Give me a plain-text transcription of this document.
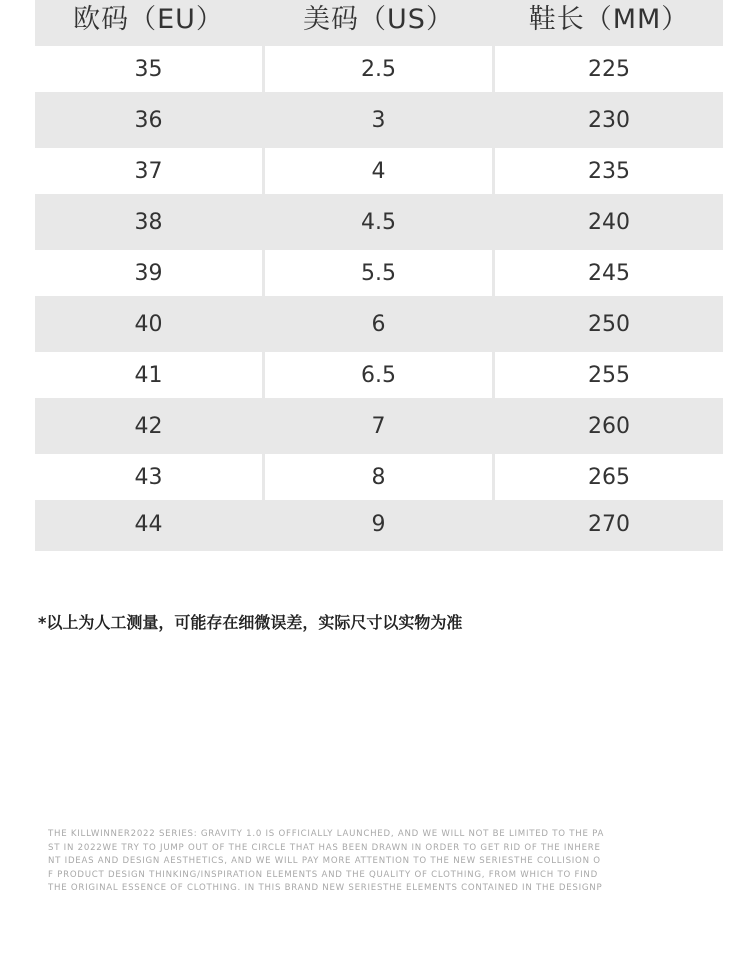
欧码（EU）	美码（US）	鞋长（MM）
35	2.5	225
36	3	230
37	4	235
38	4.5	240
39	5.5	245
40	6	250
41	6.5	255
42	7	260
43	8	265
44	9	270
*以上为人工测量，可能存在细微误差，实际尺寸以实物为准
THE KILLWINNER2022 SERIES: GRAVITY 1.0 IS OFFICIALLY LAUNCHED, AND WE WILL NOT BE LIMITED TO THE PA
ST IN 2022WE TRY TO JUMP OUT OF THE CIRCLE THAT HAS BEEN DRAWN IN ORDER TO GET RID OF THE INHERE
NT IDEAS AND DESIGN AESTHETICS, AND WE WILL PAY MORE ATTENTION TO THE NEW SERIESTHE COLLISION O
F PRODUCT DESIGN THINKING/INSPIRATION ELEMENTS AND THE QUALITY OF CLOTHING, FROM WHICH TO FIND
THE ORIGINAL ESSENCE OF CLOTHING. IN THIS BRAND NEW SERIESTHE ELEMENTS CONTAINED IN THE DESIGNP
